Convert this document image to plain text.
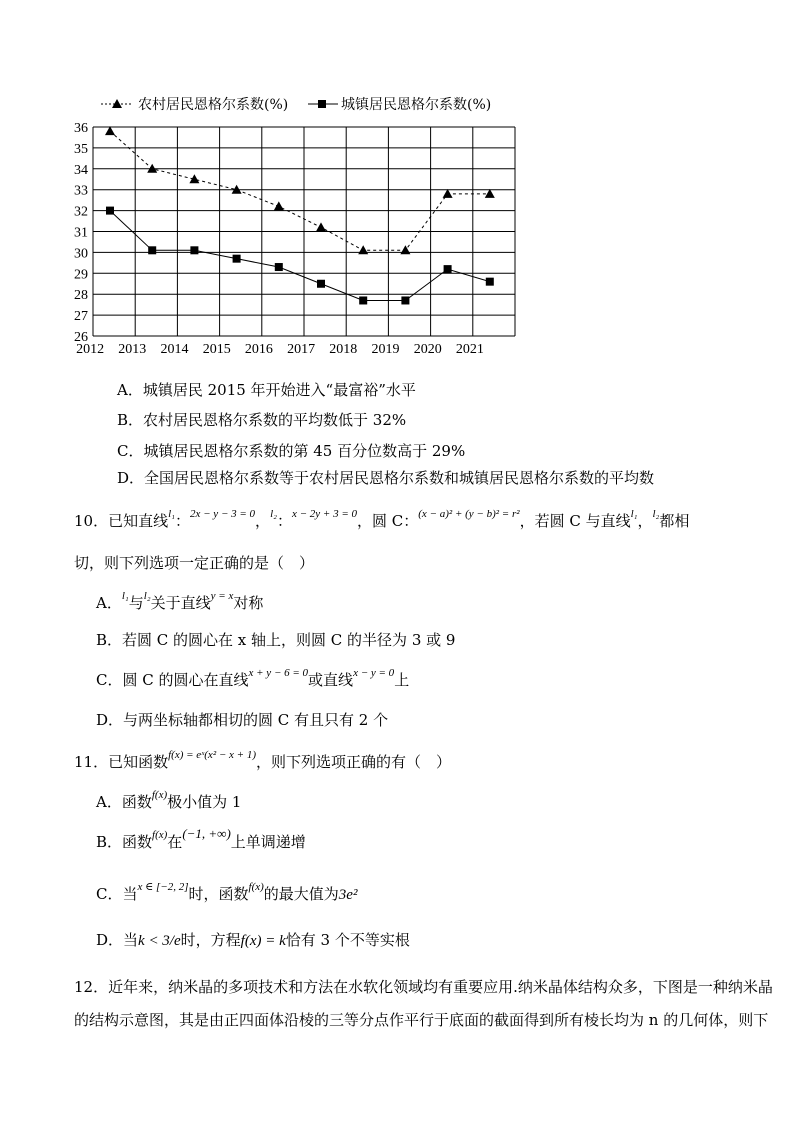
26
27
28
29
30
31
32
33
34
35
36
2012 2013 2014 2015 2016 2017 2018 2019 2020 2021
农村居民恩格尔系数(%)	城镇居民恩格尔系数(%)
A．城镇居民 2015 年开始进入“最富裕”水平
B．农村居民恩格尔系数的平均数低于 32%
C．城镇居民恩格尔系数的第 45 百分位数高于 29%
D．全国居民恩格尔系数等于农村居民恩格尔系数和城镇居民恩格尔系数的平均数
10．已知直线$^{l_1}$：$^{2x - y - 3 = 0}$，$^{l_2}$：$^{x - 2y + 3 = 0}$，圆 C：$^{(x - a)^2 + (y - b)^2 = r^2}$，若圆 C 与直线$^{l_1}$，$^{l_2}$都相
切，则下列选项一定正确的是（　）
A．$^{l_1}$与$^{l_2}$关于直线$^{y = x}$对称
B．若圆 C 的圆心在 x 轴上，则圆 C 的半径为 3 或 9
C．圆 C 的圆心在直线$^{x + y - 6 = 0}$或直线$^{x - y = 0}$上
D．与两坐标轴都相切的圆 C 有且只有 2 个
11．已知函数$^{f(x) = eˣ(x^2 - x + 1)}$，则下列选项正确的有（　）
A．函数$^{f(x)}$极小值为 1
B．函数$^{f(x)}$在(−1, +∞)上单调递增
C．当$^{x \in [-2, 2]}$时，函数$^{f(x)}$的最大值为3e²
D．当k < 3/e时，方程f(x) = k恰有 3 个不等实根
12．近年来，纳米晶的多项技术和方法在水软化领域均有重要应用.纳米晶体结构众多，下图是一种纳米晶
的结构示意图，其是由正四面体沿棱的三等分点作平行于底面的截面得到所有棱长均为 n 的几何体，则下
